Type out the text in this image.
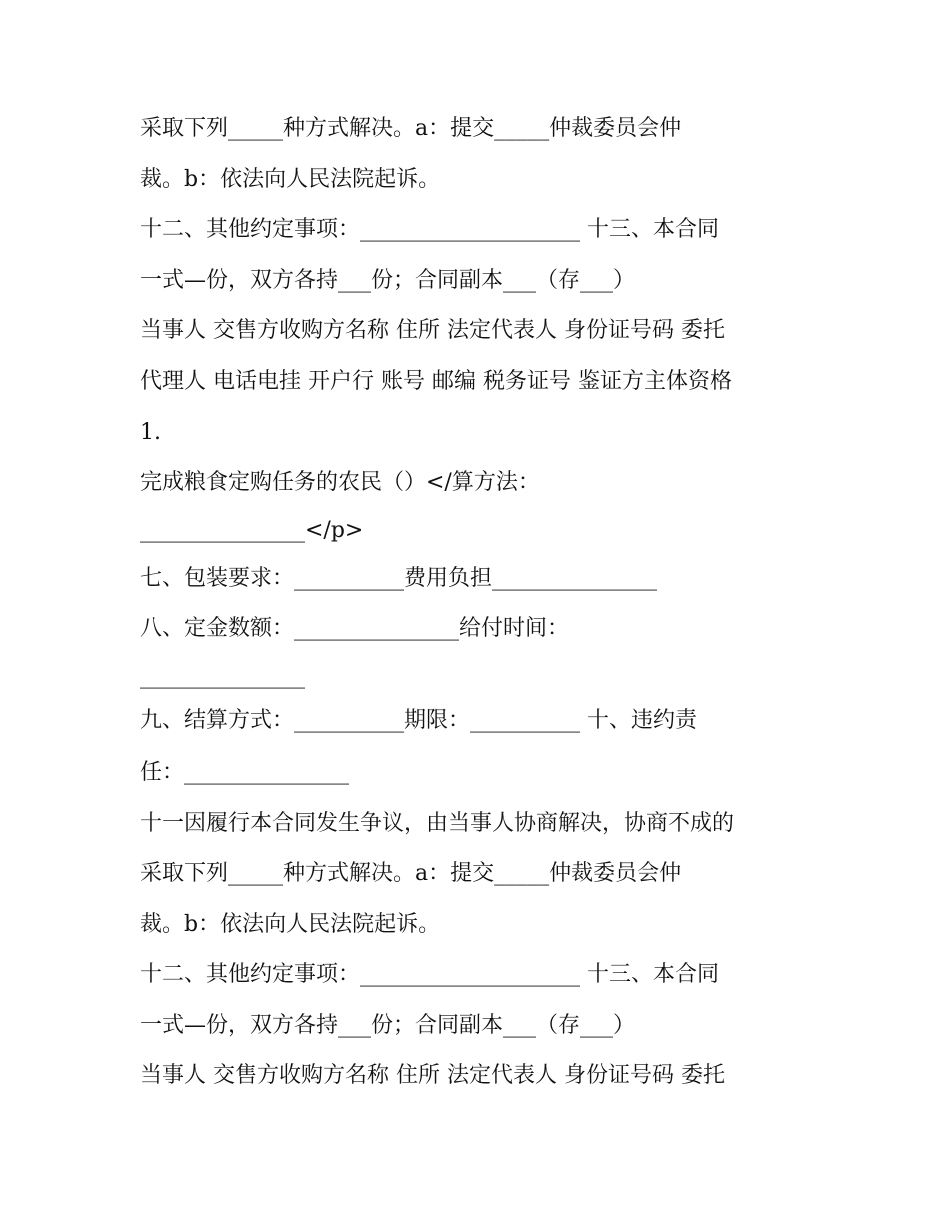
采取下列_____种方式解决。a：提交_____仲裁委员会仲
裁。b：依法向人民法院起诉。
十二、其他约定事项：____________________ 十三、本合同
一式—份，双方各持___份；合同副本___（存___）
当事人 交售方收购方名称 住所 法定代表人 身份证号码 委托
代理人 电话电挂 开户行 账号 邮编 税务证号 鉴证方主体资格
1.
完成粮食定购任务的农民（）</算方法：
_______________</p>
七、包装要求：__________费用负担_______________
八、定金数额：_______________给付时间：
_______________
九、结算方式：__________期限：__________ 十、违约责
任：_______________
十一因履行本合同发生争议，由当事人协商解决，协商不成的
采取下列_____种方式解决。a：提交_____仲裁委员会仲
裁。b：依法向人民法院起诉。
十二、其他约定事项：____________________ 十三、本合同
一式—份，双方各持___份；合同副本___（存___）
当事人 交售方收购方名称 住所 法定代表人 身份证号码 委托
